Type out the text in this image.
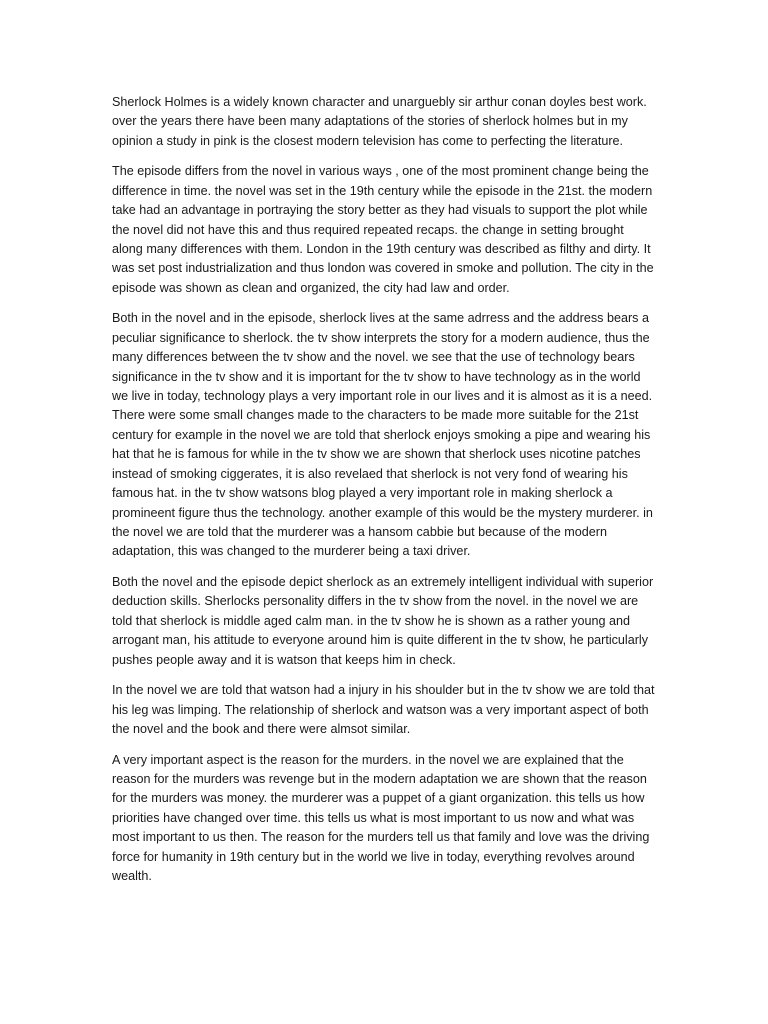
Sherlock Holmes is a widely known character and unarguebly sir arthur conan doyles best work. over the years there have been many adaptations of the stories of sherlock holmes but in my opinion a study in pink is the closest modern television has come to perfecting the literature.

The episode differs from the novel in various ways , one of the most prominent change being the difference in time. the novel was set in the 19th century while the episode in the 21st. the modern take had an advantage in portraying the story better as they had visuals to support the plot while the novel did not have this and thus required repeated recaps. the change in setting brought along many differences with them. London in the 19th century was described as filthy and dirty. It was set post industrialization and thus london was covered in smoke and pollution. The city in the episode was shown as clean and organized, the city had law and order.

Both in the novel and in the episode, sherlock lives at the same adrress and the address bears a peculiar significance to sherlock. the tv show interprets the story for a modern audience, thus the many differences between the tv show and the novel. we see that the use of technology bears significance in the tv show and it is important for the tv show to have technology as in the world we live in today, technology plays a very important role in our lives and it is almost as it is a need. There were some small changes made to the characters to be made more suitable for the 21st century for example in the novel we are told that sherlock enjoys smoking a pipe and wearing his hat that he is famous for while in the tv show we are shown that sherlock uses nicotine patches instead of smoking ciggerates, it is also revelaed that sherlock is not very fond of wearing his famous hat. in the tv show watsons blog played a very important role in making sherlock a promineent figure thus the technology. another example of this would be the mystery murderer. in the novel we are told that the murderer was a hansom cabbie but because of the modern adaptation, this was changed to the murderer being a taxi driver.

Both the novel and the episode depict sherlock as an extremely intelligent individual with superior deduction skills. Sherlocks personality differs in the tv show from the novel. in the novel we are told that sherlock is middle aged calm man. in the tv show he is shown as a rather young and arrogant man, his attitude to everyone around him is quite different in the tv show, he particularly pushes people away and it is watson that keeps him in check.

In the novel we are told that watson had a injury in his shoulder but in the tv show we are told that his leg was limping. The relationship of sherlock and watson was a very important aspect of both the novel and the book and there were almsot similar.

A very important aspect is the reason for the murders. in the novel we are explained that the reason for the murders was revenge but in the modern adaptation we are shown that the reason for the murders was money. the murderer was a puppet of a giant organization. this tells us how priorities have changed over time. this tells us what is most important to us now and what was most important to us then. The reason for the murders tell us that family and love was the driving force for humanity in 19th century but in the world we live in today, everything revolves around wealth.
